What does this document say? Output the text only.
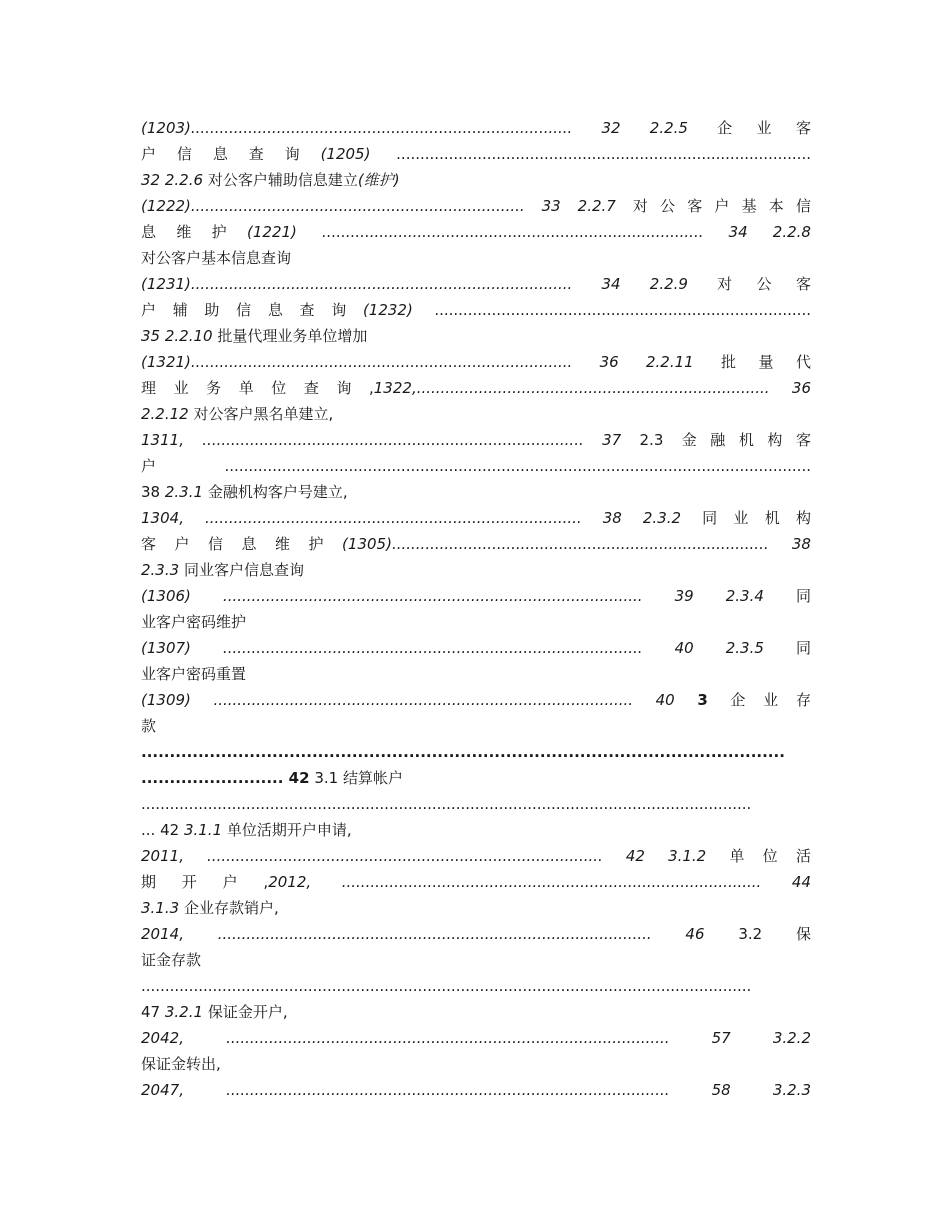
(1203)................................................................................ 32 2.2.5 企业客
户信息查询(1205) .......................................................................................
32 2.2.6 对公客户辅助信息建立(维护)
(1222)...................................................................... 33 2.2.7 对公客户基本信
息维护(1221) ................................................................................ 34 2.2.8
对公客户基本信息查询
(1231)................................................................................ 34 2.2.9 对公客
户辅助信息查询(1232) ...............................................................................
35 2.2.10 批量代理业务单位增加
(1321)................................................................................ 36 2.2.11 批量代
理业务单位查询,1322,.......................................................................... 36
2.2.12 对公客户黑名单建立,
1311, ................................................................................ 37 2.3 金融机构客
户 ...........................................................................................................................
38 2.3.1 金融机构客户号建立,
1304, ............................................................................... 38 2.3.2 同业机构
客户信息维护(1305)............................................................................... 38
2.3.3 同业客户信息查询
(1306) ........................................................................................ 39 2.3.4 同
业客户密码维护
(1307) ........................................................................................ 40 2.3.5 同
业客户密码重置
(1309) ........................................................................................ 40 3 企业存
款
.................................................................................................................
......................... 42 3.1 结算帐户
................................................................................................................................
... 42 3.1.1 单位活期开户申请,
2011, ................................................................................... 42 3.1.2 单位活
期开户,2012, ........................................................................................ 44
3.1.3 企业存款销户,
2014, ........................................................................................... 46 3.2 保
证金存款
................................................................................................................................
47 3.2.1 保证金开户,
2042, ............................................................................................. 57	3.2.2
保证金转出,
2047, ............................................................................................. 58	3.2.3
